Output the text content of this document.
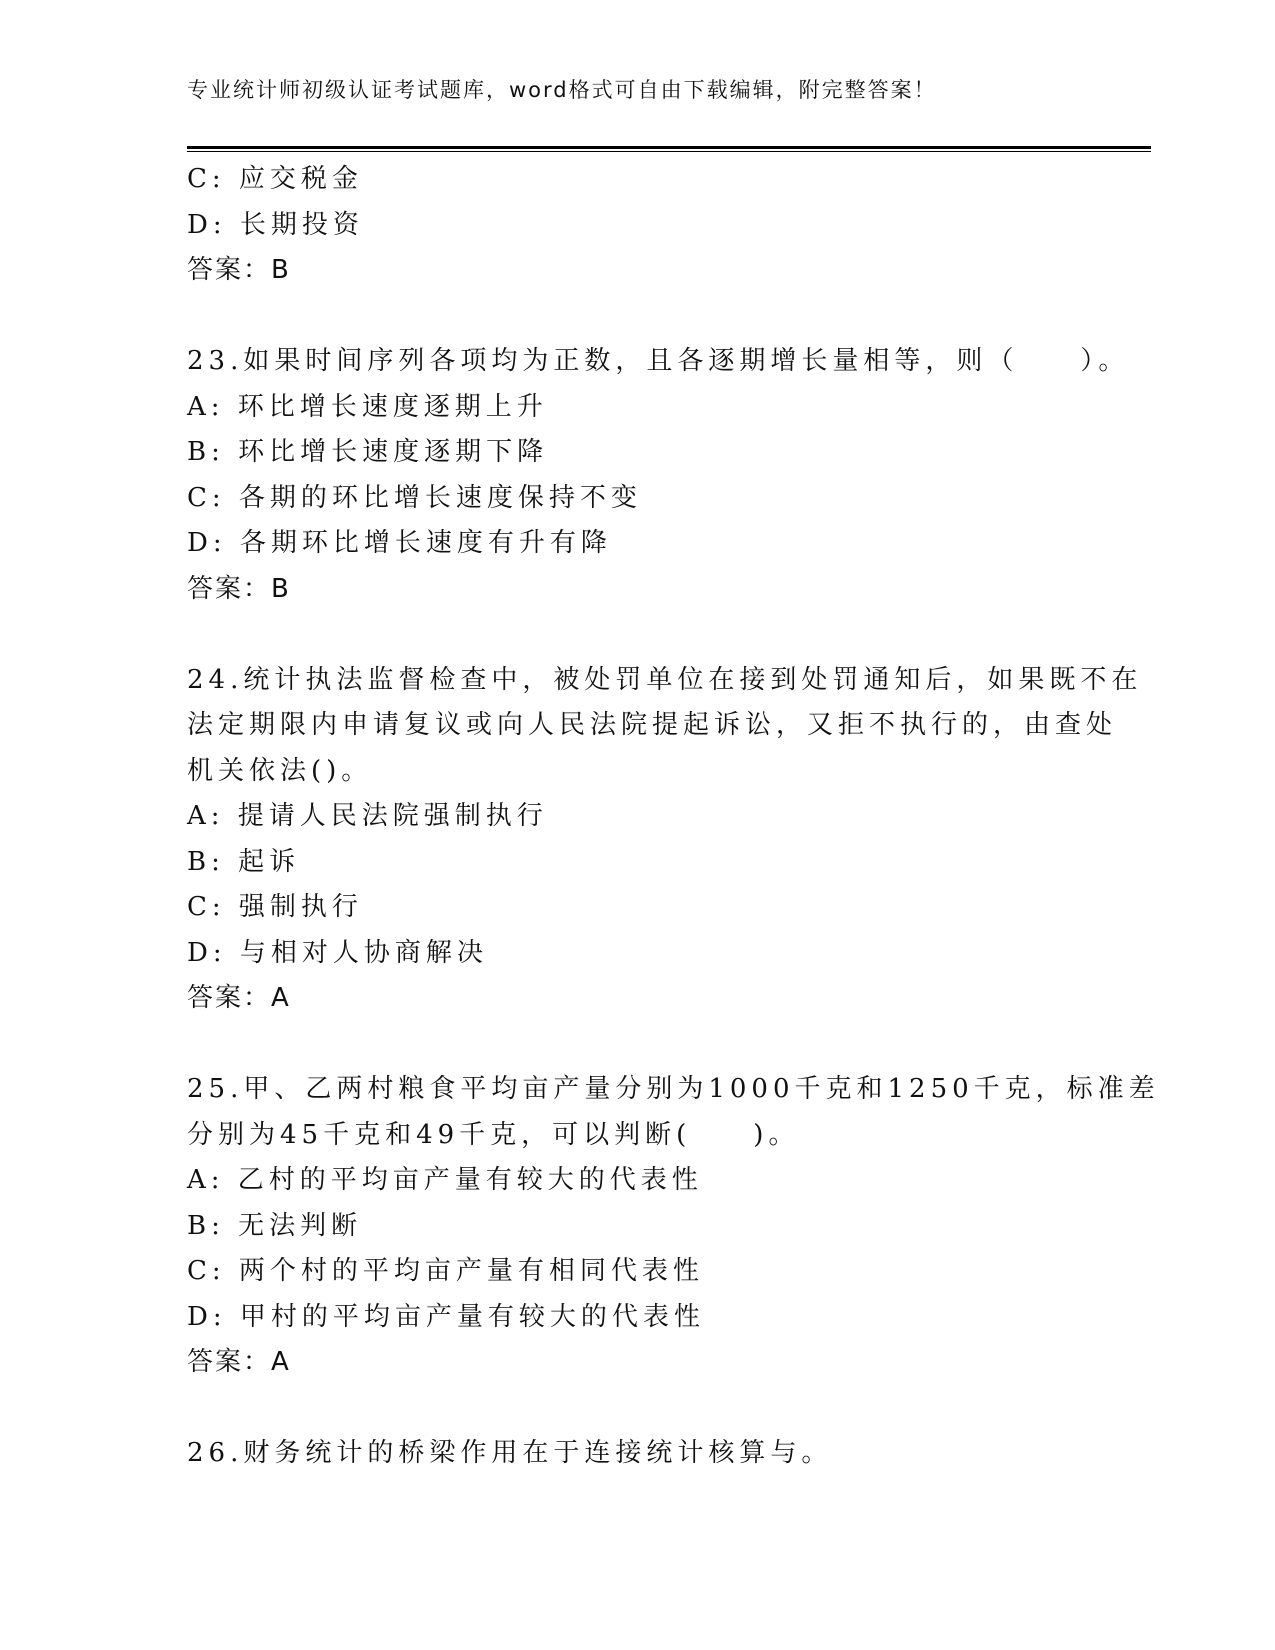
专业统计师初级认证考试题库，word格式可自由下载编辑，附完整答案！
C: 应交税金
D: 长期投资
答案：B
23.如果时间序列各项均为正数，且各逐期增长量相等，则（　　）。
A: 环比增长速度逐期上升
B: 环比增长速度逐期下降
C: 各期的环比增长速度保持不变
D: 各期环比增长速度有升有降
答案：B
24.统计执法监督检查中，被处罚单位在接到处罚通知后，如果既不在
法定期限内申请复议或向人民法院提起诉讼，又拒不执行的，由查处
机关依法()。
A: 提请人民法院强制执行
B: 起诉
C: 强制执行
D: 与相对人协商解决
答案：A
25.甲、乙两村粮食平均亩产量分别为1000千克和1250千克，标准差
分别为45千克和49千克，可以判断(　　)。
A: 乙村的平均亩产量有较大的代表性
B: 无法判断
C: 两个村的平均亩产量有相同代表性
D: 甲村的平均亩产量有较大的代表性
答案：A
26.财务统计的桥梁作用在于连接统计核算与。
